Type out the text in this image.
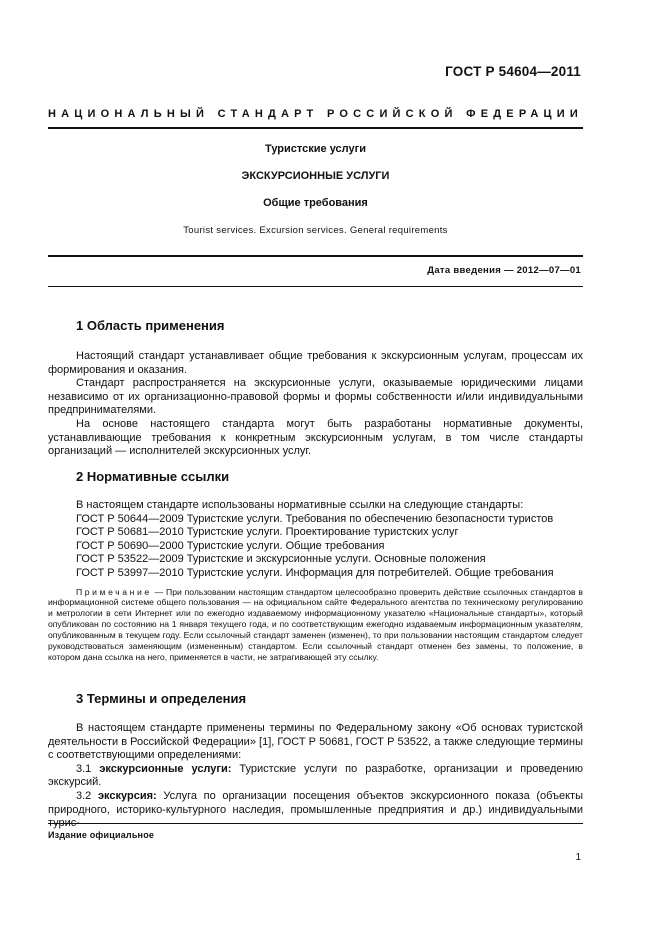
ГОСТ Р 54604—2011
НАЦИОНАЛЬНЫЙ СТАНДАРТ РОССИЙСКОЙ ФЕДЕРАЦИИ
Туристские услуги
ЭКСКУРСИОННЫЕ УСЛУГИ
Общие требования
Tourist services. Excursion services. General requirements
Дата введения — 2012—07—01
1 Область применения

Настоящий стандарт устанавливает общие требования к экскурсионным услугам, процессам их формирования и оказания.

Стандарт распространяется на экскурсионные услуги, оказываемые юридическими лицами независимо от их организационно-правовой формы и формы собственности и/или индивидуальными предпринимателями.

На основе настоящего стандарта могут быть разработаны нормативные документы, устанавливающие требования к конкретным экскурсионным услугам, в том числе стандарты организаций — исполнителей экскурсионных услуг.

2 Нормативные ссылки

В настоящем стандарте использованы нормативные ссылки на следующие стандарты:

ГОСТ Р 50644—2009 Туристские услуги. Требования по обеспечению безопасности туристов

ГОСТ Р 50681—2010 Туристские услуги. Проектирование туристских услуг

ГОСТ Р 50690—2000 Туристские услуги. Общие требования

ГОСТ Р 53522—2009 Туристские и экскурсионные услуги. Основные положения

ГОСТ Р 53997—2010 Туристские услуги. Информация для потребителей. Общие требования

Примечание — При пользовании настоящим стандартом целесообразно проверить действие ссылочных стандартов в информационной системе общего пользования — на официальном сайте Федерального агентства по техническому регулированию и метрологии в сети Интернет или по ежегодно издаваемому информационному указателю «Национальные стандарты», который опубликован по состоянию на 1 января текущего года, и по соответствующим ежегодно издаваемым информационным указателям, опубликованным в текущем году. Если ссылочный стандарт заменен (изменен), то при пользовании настоящим стандартом следует руководствоваться заменяющим (измененным) стандартом. Если ссылочный стандарт отменен без замены, то положение, в котором дана ссылка на него, применяется в части, не затрагивающей эту ссылку.

3 Термины и определения

В настоящем стандарте применены термины по Федеральному закону «Об основах туристской деятельности в Российской Федерации» [1], ГОСТ Р 50681, ГОСТ Р 53522, а также следующие термины с соответствующими определениями:

3.1 экскурсионные услуги: Туристские услуги по разработке, организации и проведению экскурсий.

3.2 экскурсия: Услуга по организации посещения объектов экскурсионного показа (объекты природного, историко-культурного наследия, промышленные предприятия и др.) индивидуальными турис-

Издание официальное
1
